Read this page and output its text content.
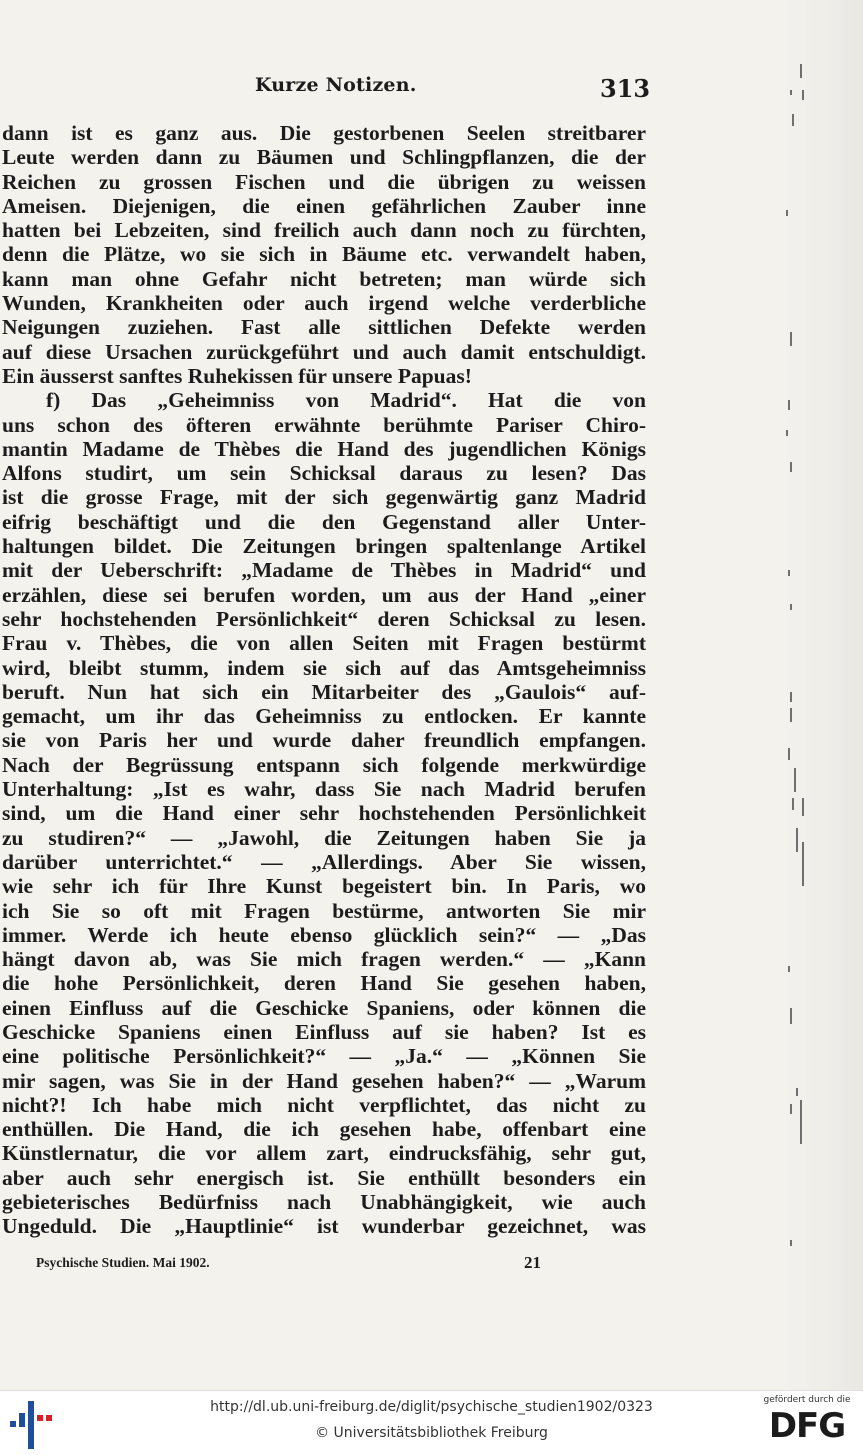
Kurze Notizen.	313
dann ist es ganz aus. Die gestorbenen Seelen streitbarer
Leute werden dann zu Bäumen und Schlingpflanzen, die der
Reichen zu grossen Fischen und die übrigen zu weissen
Ameisen. Diejenigen, die einen gefährlichen Zauber inne
hatten bei Lebzeiten, sind freilich auch dann noch zu fürchten,
denn die Plätze, wo sie sich in Bäume etc. verwandelt haben,
kann man ohne Gefahr nicht betreten; man würde sich
Wunden, Krankheiten oder auch irgend welche verderbliche
Neigungen zuziehen. Fast alle sittlichen Defekte werden
auf diese Ursachen zurückgeführt und auch damit entschuldigt.
Ein äusserst sanftes Ruhekissen für unsere Papuas!
f) Das „Geheimniss von Madrid“. Hat die von
uns schon des öfteren erwähnte berühmte Pariser Chiro-
mantin Madame de Thèbes die Hand des jugendlichen Königs
Alfons studirt, um sein Schicksal daraus zu lesen? Das
ist die grosse Frage, mit der sich gegenwärtig ganz Madrid
eifrig beschäftigt und die den Gegenstand aller Unter-
haltungen bildet. Die Zeitungen bringen spaltenlange Artikel
mit der Ueberschrift: „Madame de Thèbes in Madrid“ und
erzählen, diese sei berufen worden, um aus der Hand „einer
sehr hochstehenden Persönlichkeit“ deren Schicksal zu lesen.
Frau v. Thèbes, die von allen Seiten mit Fragen bestürmt
wird, bleibt stumm, indem sie sich auf das Amtsgeheimniss
beruft. Nun hat sich ein Mitarbeiter des „Gaulois“ auf-
gemacht, um ihr das Geheimniss zu entlocken. Er kannte
sie von Paris her und wurde daher freundlich empfangen.
Nach der Begrüssung entspann sich folgende merkwürdige
Unterhaltung: „Ist es wahr, dass Sie nach Madrid berufen
sind, um die Hand einer sehr hochstehenden Persönlichkeit
zu studiren?“ — „Jawohl, die Zeitungen haben Sie ja
darüber unterrichtet.“ — „Allerdings. Aber Sie wissen,
wie sehr ich für Ihre Kunst begeistert bin. In Paris, wo
ich Sie so oft mit Fragen bestürme, antworten Sie mir
immer. Werde ich heute ebenso glücklich sein?“ — „Das
hängt davon ab, was Sie mich fragen werden.“ — „Kann
die hohe Persönlichkeit, deren Hand Sie gesehen haben,
einen Einfluss auf die Geschicke Spaniens, oder können die
Geschicke Spaniens einen Einfluss auf sie haben? Ist es
eine politische Persönlichkeit?“ — „Ja.“ — „Können Sie
mir sagen, was Sie in der Hand gesehen haben?“ — „Warum
nicht?! Ich habe mich nicht verpflichtet, das nicht zu
enthüllen. Die Hand, die ich gesehen habe, offenbart eine
Künstlernatur, die vor allem zart, eindrucksfähig, sehr gut,
aber auch sehr energisch ist. Sie enthüllt besonders ein
gebieterisches Bedürfniss nach Unabhängigkeit, wie auch
Ungeduld. Die „Hauptlinie“ ist wunderbar gezeichnet, was
Psychische Studien. Mai 1902.	21
http://dl.ub.uni-freiburg.de/diglit/psychische_studien1902/0323
© Universitätsbibliothek Freiburg
gefördert durch die
DFG
